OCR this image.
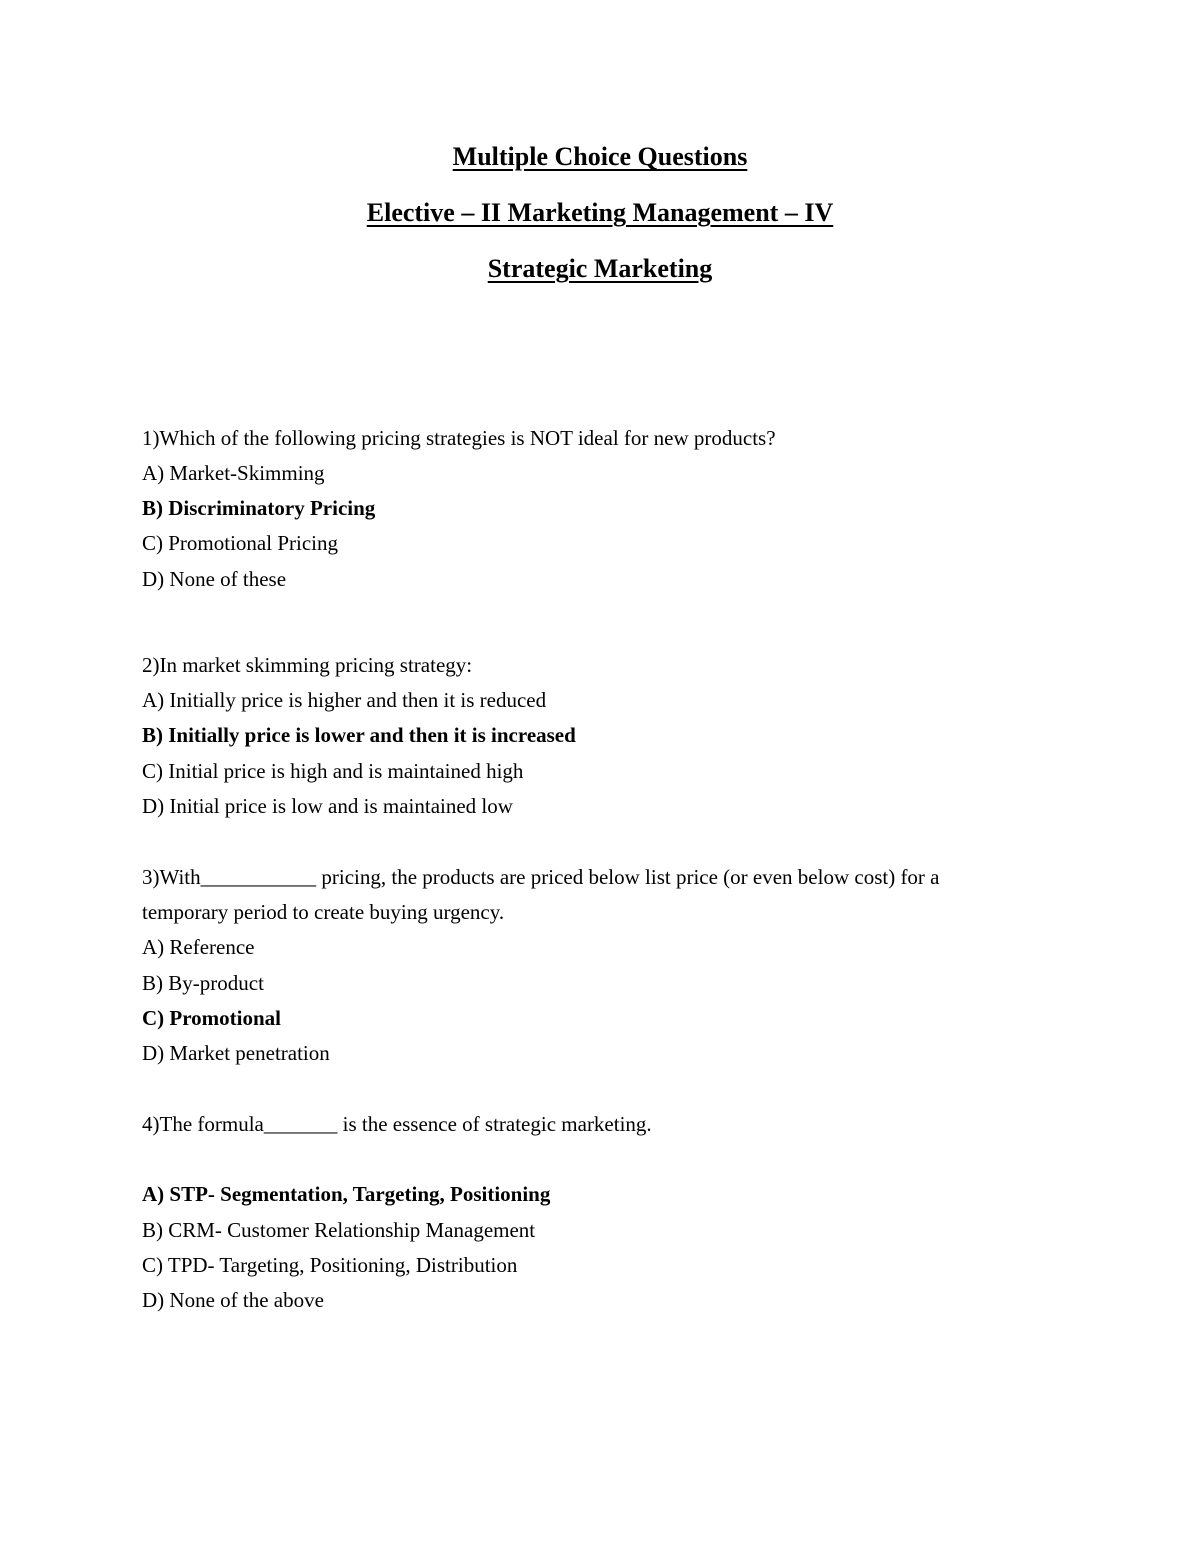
Multiple Choice Questions
Elective – II Marketing Management – IV
Strategic Marketing
1)Which of the following pricing strategies is NOT ideal for new products?
A) Market-Skimming
B) Discriminatory Pricing
C) Promotional Pricing
D) None of these
2)In market skimming pricing strategy:
A) Initially price is higher and then it is reduced
B) Initially price is lower and then it is increased
C) Initial price is high and is maintained high
D) Initial price is low and is maintained low
3)With___________ pricing, the products are priced below list price (or even below cost) for a
temporary period to create buying urgency.
A) Reference
B) By-product
C) Promotional
D) Market penetration
4)The formula_______ is the essence of strategic marketing.
A) STP- Segmentation, Targeting, Positioning
B) CRM- Customer Relationship Management
C) TPD- Targeting, Positioning, Distribution
D) None of the above
